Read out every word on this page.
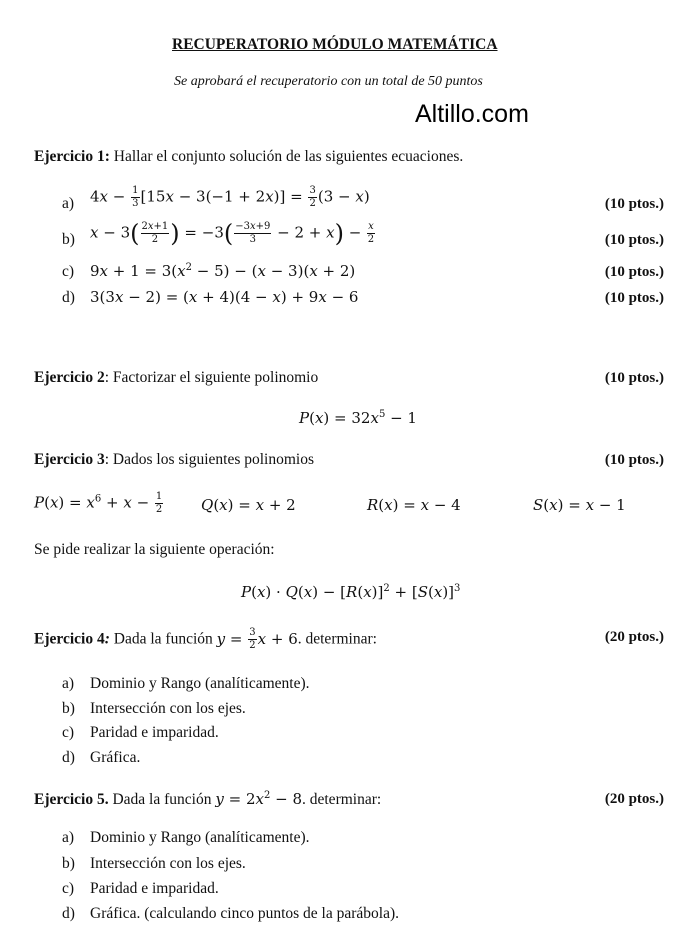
RECUPERATORIO MÓDULO MATEMÁTICA
Se aprobará el recuperatorio con un total de 50 puntos
Altillo.com
Ejercicio 1: Hallar el conjunto solución de las siguientes ecuaciones.
a) $4x - \frac{1}{3} [15x - 3(-1 + 2x)] = \frac{3}{2} (3 - x)$	(10 ptos.)
b) $x - 3( \frac{2x+1}{2}$ ) = $-3( \frac{-3x+9}{3} - 2 + x) - \frac{x}{2}$	(10 ptos.)
c) $9x + 1 = 3(x^2 - 5) - (x - 3)(x + 2)$	(10 ptos.)
d) 3(3x − 2) = (x + 4)(4 − x) + 9x − 6	(10 ptos.)
Ejercicio 2: Factorizar el siguiente polinomio	(10 ptos.)
$P(x) = 32x^5 - 1$
Ejercicio 3: Dados los siguientes polinomios	(10 ptos.)
$P(x) = x^6 + x - \frac{1}{2}$	Q(x) = x + 2	R(x) = x − 4	S(x) = x − 1
Se pide realizar la siguiente operación:
$P(x) \cdot Q(x) - [R(x)]^2 + [S(x)]^3$
Ejercicio 4: Dada la función $y = \frac{3}{2}$ x + 6. determinar:	(20 ptos.)
a) Dominio y Rango (analíticamente).
b) Intersección con los ejes.
c) Paridad e imparidad.
d) Gráfica.
Ejercicio 5. Dada la función $y = 2x^2 - 8$. determinar:	(20 ptos.)
a) Dominio y Rango (analíticamente).
b) Intersección con los ejes.
c) Paridad e imparidad.
d) Gráfica. (calculando cinco puntos de la parábola).
